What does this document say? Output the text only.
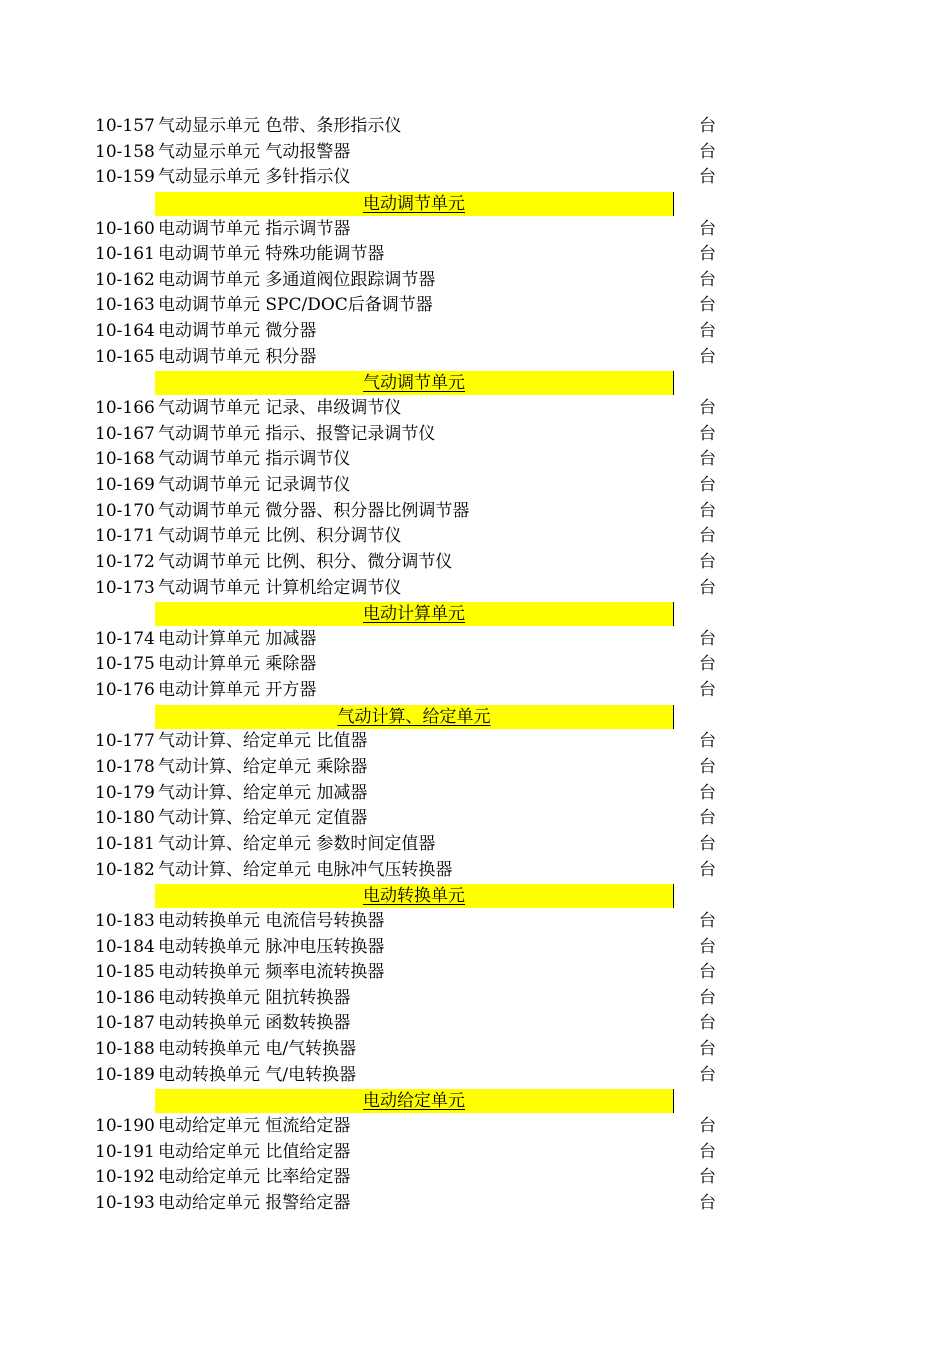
10-157 气动显示单元 色带、条形指示仪	台
10-158 气动显示单元 气动报警器	台
10-159 气动显示单元 多针指示仪	台
电动调节单元
10-160 电动调节单元 指示调节器	台
10-161 电动调节单元 特殊功能调节器	台
10-162 电动调节单元 多通道阀位跟踪调节器	台
10-163 电动调节单元 SPC/DOC后备调节器	台
10-164 电动调节单元 微分器	台
10-165 电动调节单元 积分器	台
气动调节单元
10-166 气动调节单元 记录、串级调节仪	台
10-167 气动调节单元 指示、报警记录调节仪	台
10-168 气动调节单元 指示调节仪	台
10-169 气动调节单元 记录调节仪	台
10-170 气动调节单元 微分器、积分器比例调节器	台
10-171 气动调节单元 比例、积分调节仪	台
10-172 气动调节单元 比例、积分、微分调节仪	台
10-173 气动调节单元 计算机给定调节仪	台
电动计算单元
10-174 电动计算单元 加减器	台
10-175 电动计算单元 乘除器	台
10-176 电动计算单元 开方器	台
气动计算、给定单元
10-177 气动计算、给定单元 比值器	台
10-178 气动计算、给定单元 乘除器	台
10-179 气动计算、给定单元 加减器	台
10-180 气动计算、给定单元 定值器	台
10-181 气动计算、给定单元 参数时间定值器	台
10-182 气动计算、给定单元 电脉冲气压转换器	台
电动转换单元
10-183 电动转换单元 电流信号转换器	台
10-184 电动转换单元 脉冲电压转换器	台
10-185 电动转换单元 频率电流转换器	台
10-186 电动转换单元 阻抗转换器	台
10-187 电动转换单元 函数转换器	台
10-188 电动转换单元 电/气转换器	台
10-189 电动转换单元 气/电转换器	台
电动给定单元
10-190 电动给定单元 恒流给定器	台
10-191 电动给定单元 比值给定器	台
10-192 电动给定单元 比率给定器	台
10-193 电动给定单元 报警给定器	台
